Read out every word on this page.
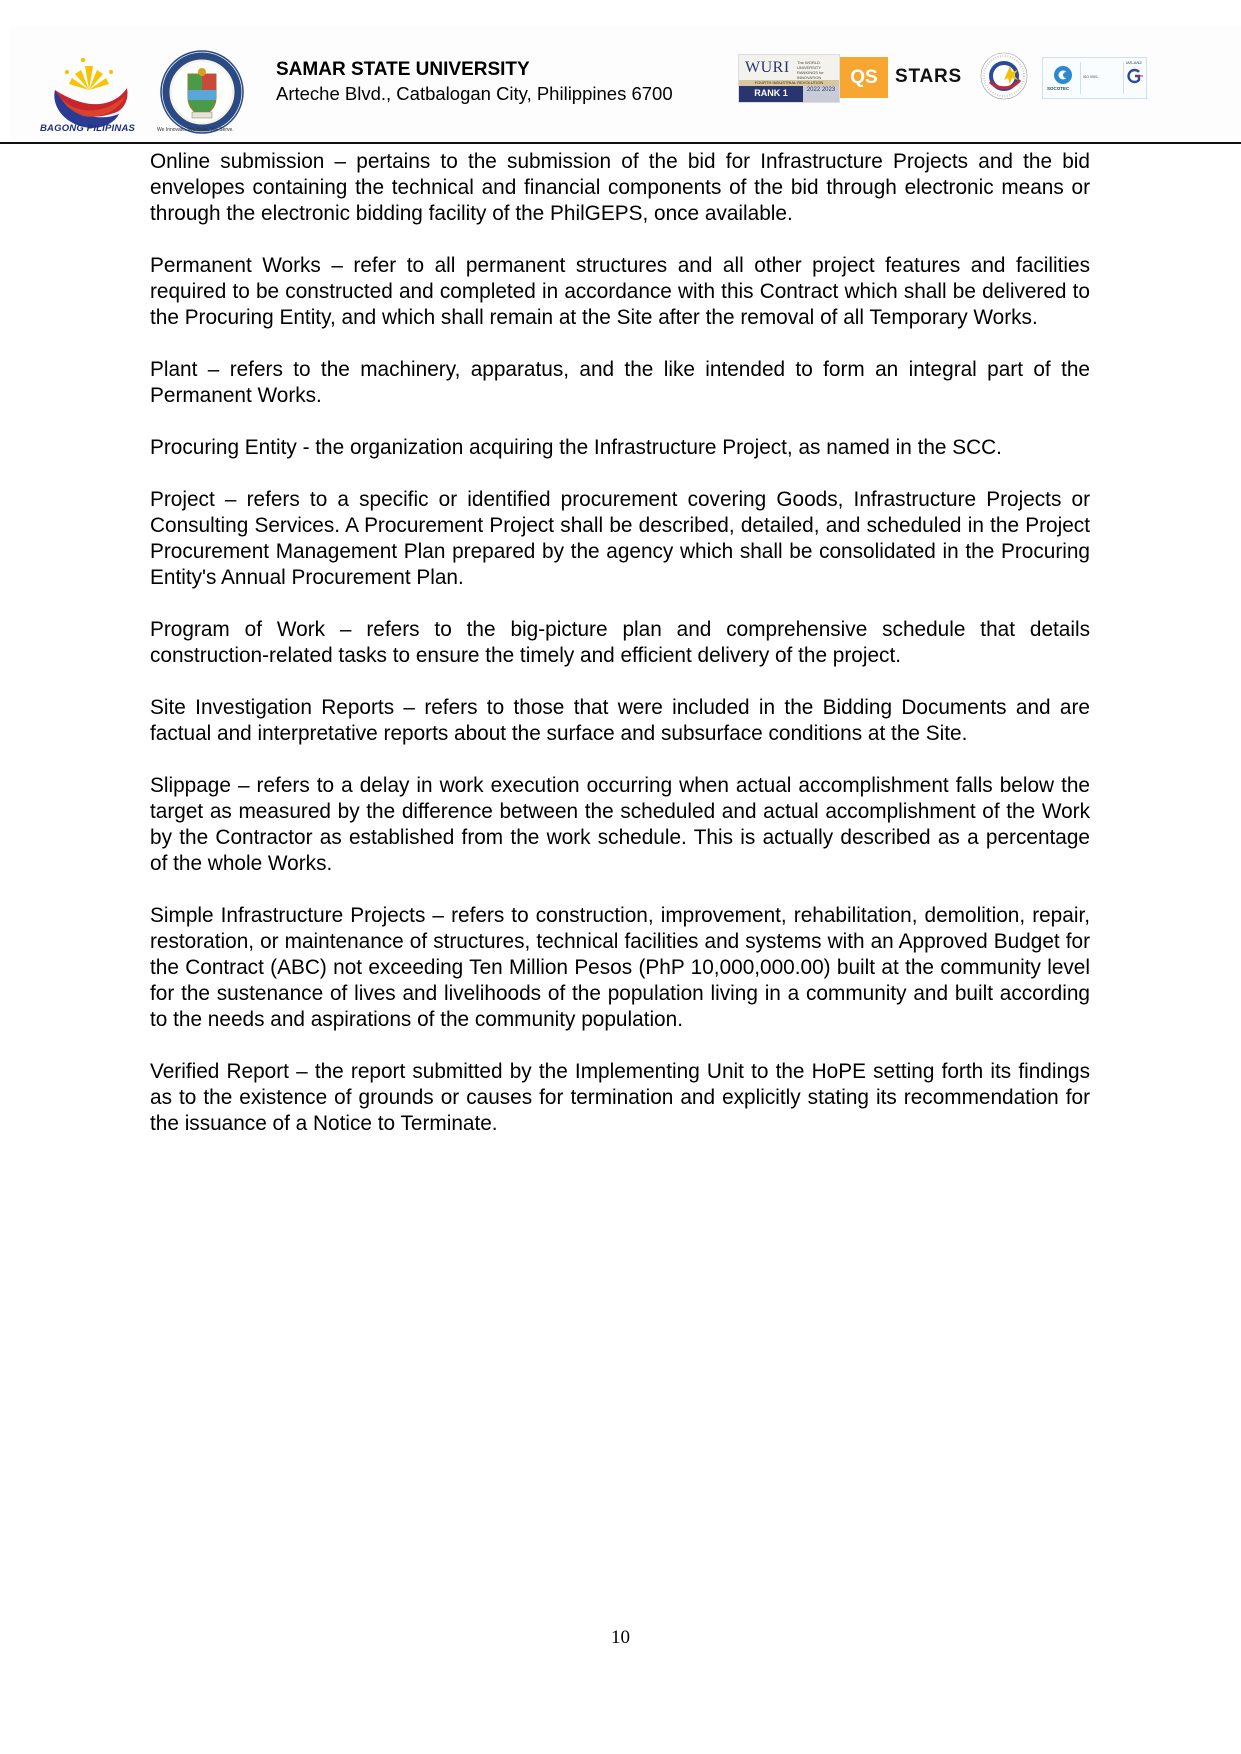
BAGONG PILIPINAS	We Innovate. We Build. We Serve.
SAMAR STATE UNIVERSITY
Arteche Blvd., Catbalogan City, Philippines 6700
WURI The WORLD UNIVERSITY RANKINGS for INNOVATION
FOURTH INDUSTRIAL REVOLUTION
RANK 1	2022 2023
QS STARS
SOCOTEC
ISO 9001
IAS-ANZ

Online submission – pertains to the submission of the bid for Infrastructure Projects and the bid envelopes containing the technical and financial components of the bid through electronic means or through the electronic bidding facility of the PhilGEPS, once available.

Permanent Works – refer to all permanent structures and all other project features and facilities required to be constructed and completed in accordance with this Contract which shall be delivered to the Procuring Entity, and which shall remain at the Site after the removal of all Temporary Works.

Plant – refers to the machinery, apparatus, and the like intended to form an integral part of the Permanent Works.

Procuring Entity - the organization acquiring the Infrastructure Project, as named in the SCC.

Project – refers to a specific or identified procurement covering Goods, Infrastructure Projects or Consulting Services. A Procurement Project shall be described, detailed, and scheduled in the Project Procurement Management Plan prepared by the agency which shall be consolidated in the Procuring Entity's Annual Procurement Plan.

Program of Work – refers to the big-picture plan and comprehensive schedule that details construction-related tasks to ensure the timely and efficient delivery of the project.

Site Investigation Reports – refers to those that were included in the Bidding Documents and are factual and interpretative reports about the surface and subsurface conditions at the Site.

Slippage – refers to a delay in work execution occurring when actual accomplishment falls below the target as measured by the difference between the scheduled and actual accomplishment of the Work by the Contractor as established from the work schedule. This is actually described as a percentage of the whole Works.

Simple Infrastructure Projects – refers to construction, improvement, rehabilitation, demolition, repair, restoration, or maintenance of structures, technical facilities and systems with an Approved Budget for the Contract (ABC) not exceeding Ten Million Pesos (PhP 10,000,000.00) built at the community level for the sustenance of lives and livelihoods of the population living in a community and built according to the needs and aspirations of the community population.

Verified Report – the report submitted by the Implementing Unit to the HoPE setting forth its findings as to the existence of grounds or causes for termination and explicitly stating its recommendation for the issuance of a Notice to Terminate.

10
